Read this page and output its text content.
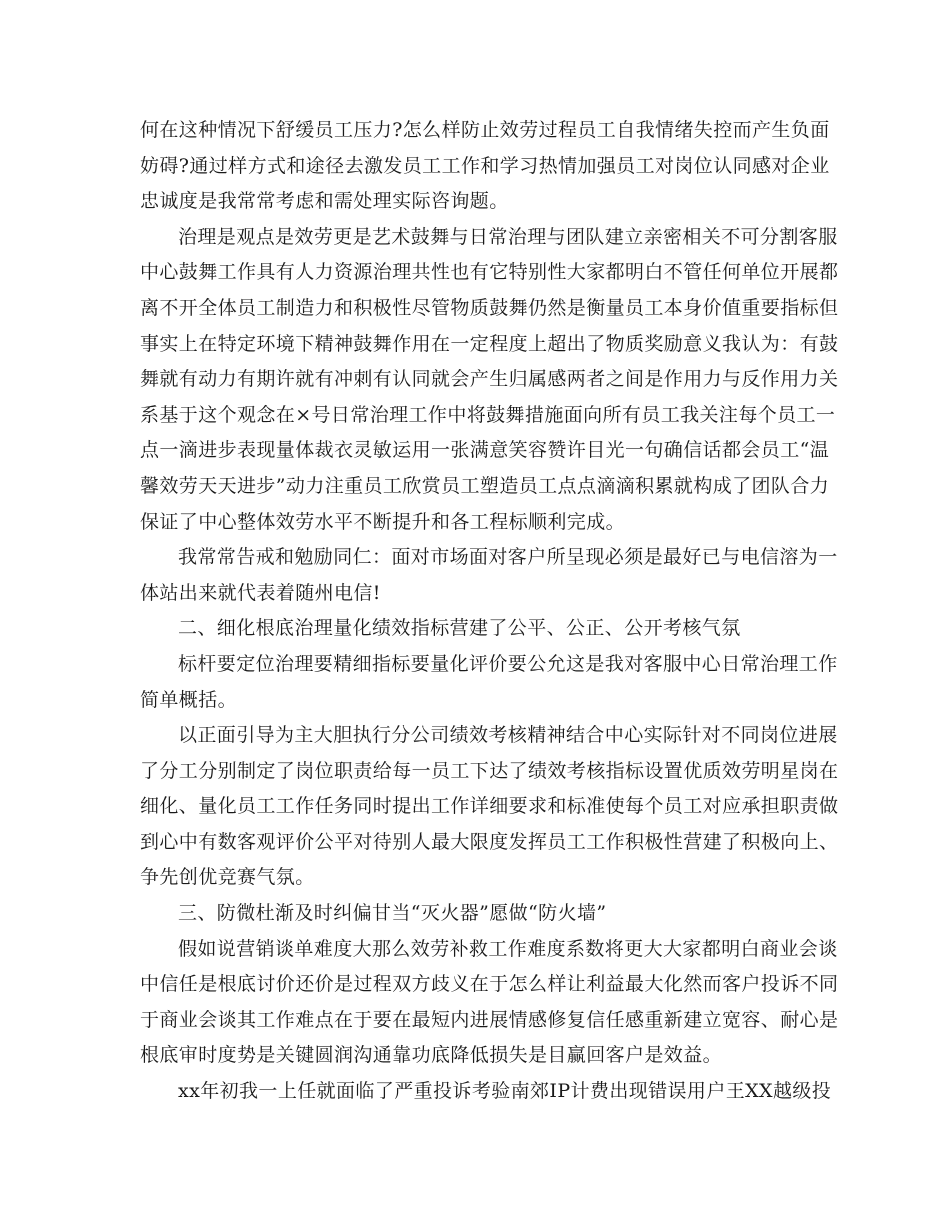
何在这种情况下舒缓员工压力?怎么样防止效劳过程员工自我情绪失控而产生负面
妨碍?通过样方式和途径去激发员工工作和学习热情加强员工对岗位认同感对企业
忠诚度是我常常考虑和需处理实际咨询题。
治理是观点是效劳更是艺术鼓舞与日常治理与团队建立亲密相关不可分割客服
中心鼓舞工作具有人力资源治理共性也有它特别性大家都明白不管任何单位开展都
离不开全体员工制造力和积极性尽管物质鼓舞仍然是衡量员工本身价值重要指标但
事实上在特定环境下精神鼓舞作用在一定程度上超出了物质奖励意义我认为：有鼓
舞就有动力有期许就有冲刺有认同就会产生归属感两者之间是作用力与反作用力关
系基于这个观念在×号日常治理工作中将鼓舞措施面向所有员工我关注每个员工一
点一滴进步表现量体裁衣灵敏运用一张满意笑容赞许目光一句确信话都会员工“温
馨效劳天天进步”动力注重员工欣赏员工塑造员工点点滴滴积累就构成了团队合力
保证了中心整体效劳水平不断提升和各工程标顺利完成。
我常常告戒和勉励同仁：面对市场面对客户所呈现必须是最好已与电信溶为一
体站出来就代表着随州电信!
二、细化根底治理量化绩效指标营建了公平、公正、公开考核气氛
标杆要定位治理要精细指标要量化评价要公允这是我对客服中心日常治理工作
简单概括。
以正面引导为主大胆执行分公司绩效考核精神结合中心实际针对不同岗位进展
了分工分别制定了岗位职责给每一员工下达了绩效考核指标设置优质效劳明星岗在
细化、量化员工工作任务同时提出工作详细要求和标准使每个员工对应承担职责做
到心中有数客观评价公平对待别人最大限度发挥员工工作积极性营建了积极向上、
争先创优竞赛气氛。
三、防微杜渐及时纠偏甘当“灭火器”愿做“防火墙”
假如说营销谈单难度大那么效劳补救工作难度系数将更大大家都明白商业会谈
中信任是根底讨价还价是过程双方歧义在于怎么样让利益最大化然而客户投诉不同
于商业会谈其工作难点在于要在最短内进展情感修复信任感重新建立宽容、耐心是
根底审时度势是关键圆润沟通靠功底降低损失是目赢回客户是效益。
xx年初我一上任就面临了严重投诉考验南郊IP计费出现错误用户王XX越级投
